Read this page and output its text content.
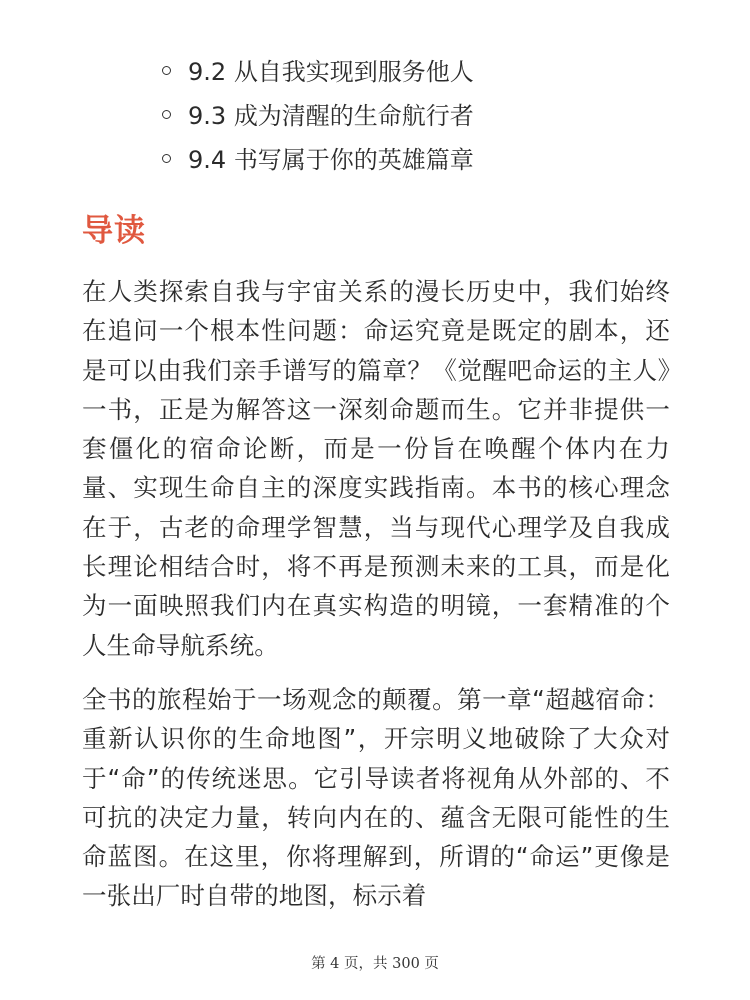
9.2 从自我实现到服务他人
9.3 成为清醒的生命航行者
9.4 书写属于你的英雄篇章
导读

在人类探索自我与宇宙关系的漫长历史中，我们始终在追问一个根本性问题：命运究竟是既定的剧本，还是可以由我们亲手谱写的篇章？《觉醒吧命运的主人》一书，正是为解答这一深刻命题而生。它并非提供一套僵化的宿命论断，而是一份旨在唤醒个体内在力量、实现生命自主的深度实践指南。本书的核心理念在于，古老的命理学智慧，当与现代心理学及自我成长理论相结合时，将不再是预测未来的工具，而是化为一面映照我们内在真实构造的明镜，一套精准的个人生命导航系统。

全书的旅程始于一场观念的颠覆。第一章“超越宿命：重新认识你的生命地图”，开宗明义地破除了大众对于“命”的传统迷思。它引导读者将视角从外部的、不可抗的决定力量，转向内在的、蕴含无限可能性的生命蓝图。在这里，你将理解到，所谓的“命运”更像是一张出厂时自带的地图，标示着

第 4 页，共 300 页
